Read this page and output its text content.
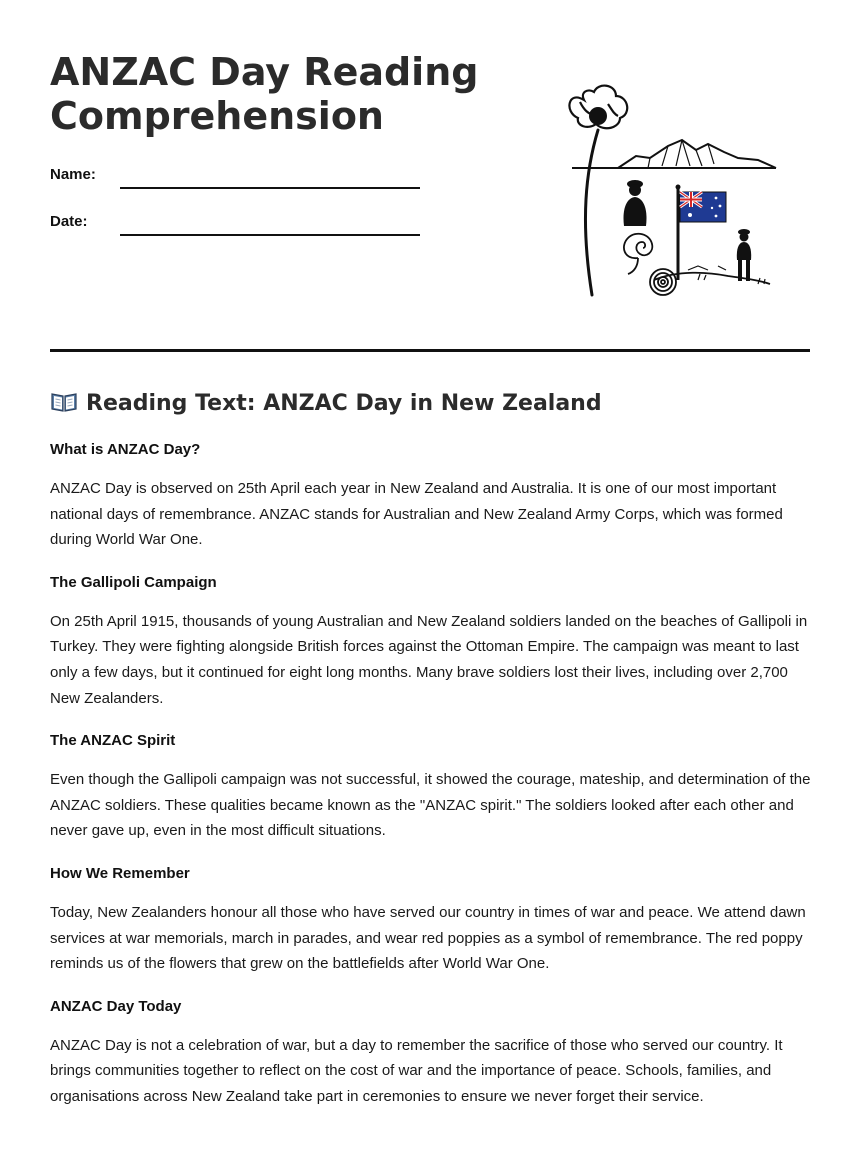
ANZAC Day Reading Comprehension
Name:
Date:
Reading Text: ANZAC Day in New Zealand

What is ANZAC Day?

ANZAC Day is observed on 25th April each year in New Zealand and Australia. It is one of our most important national days of remembrance. ANZAC stands for Australian and New Zealand Army Corps, which was formed during World War One.

The Gallipoli Campaign

On 25th April 1915, thousands of young Australian and New Zealand soldiers landed on the beaches of Gallipoli in Turkey. They were fighting alongside British forces against the Ottoman Empire. The campaign was meant to last only a few days, but it continued for eight long months. Many brave soldiers lost their lives, including over 2,700 New Zealanders.

The ANZAC Spirit

Even though the Gallipoli campaign was not successful, it showed the courage, mateship, and determination of the ANZAC soldiers. These qualities became known as the "ANZAC spirit." The soldiers looked after each other and never gave up, even in the most difficult situations.

How We Remember

Today, New Zealanders honour all those who have served our country in times of war and peace. We attend dawn services at war memorials, march in parades, and wear red poppies as a symbol of remembrance. The red poppy reminds us of the flowers that grew on the battlefields after World War One.

ANZAC Day Today

ANZAC Day is not a celebration of war, but a day to remember the sacrifice of those who served our country. It brings communities together to reflect on the cost of war and the importance of peace. Schools, families, and organisations across New Zealand take part in ceremonies to ensure we never forget their service.
